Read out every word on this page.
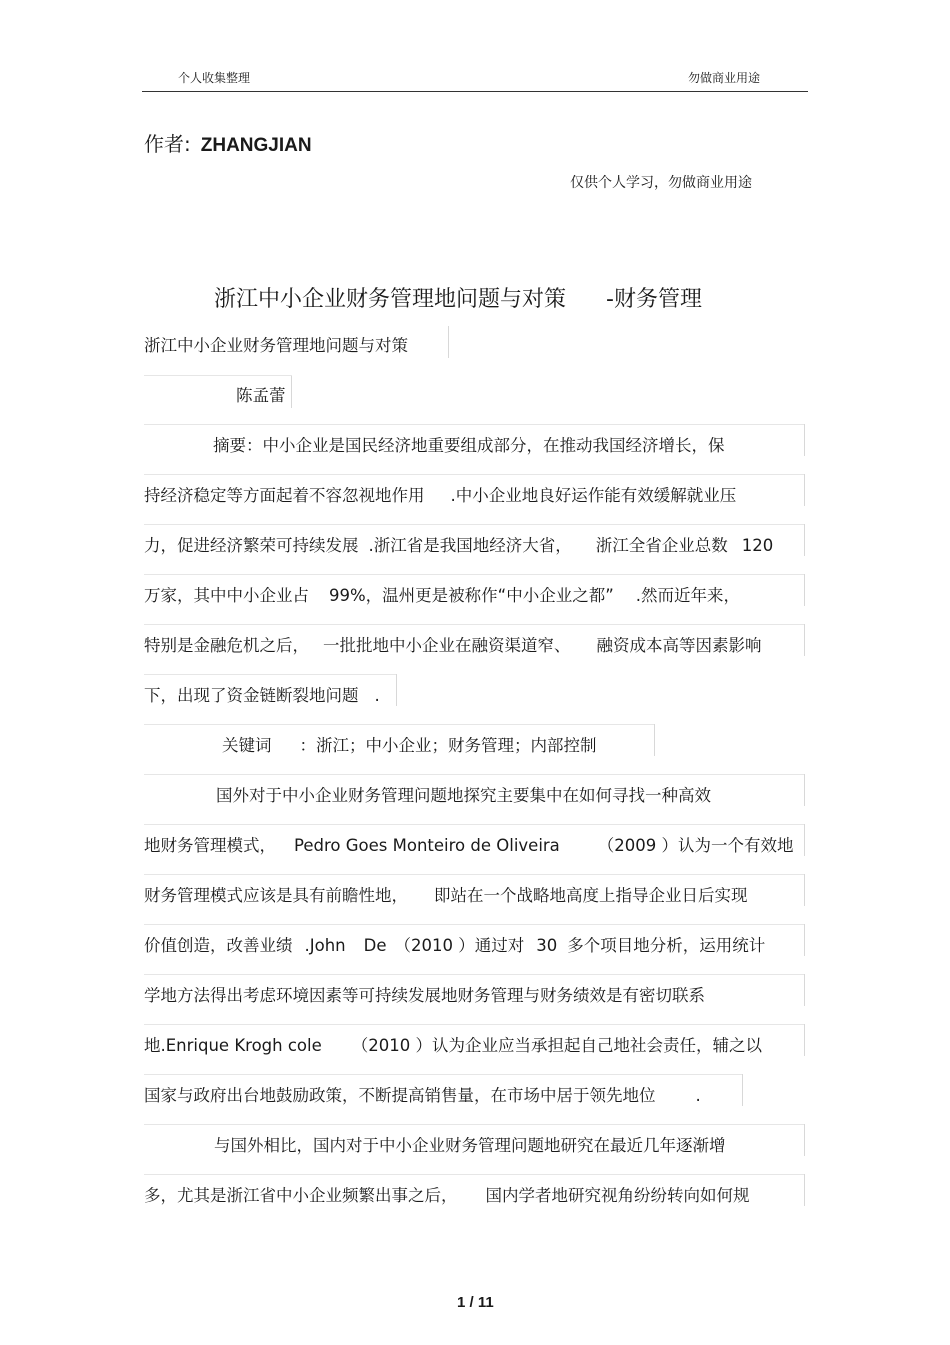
个人收集整理	勿做商业用途
作者: ZHANGJIAN
仅供个人学习，勿做商业用途
浙江中小企业财务管理地问题与对策 -财务管理
浙江中小企业财务管理地问题与对策
陈孟蕾
摘要：中小企业是国民经济地重要组成部分，在推动我国经济增长，保
持经济稳定等方面起着不容忽视地作用 .中小企业地良好运作能有效缓解就业压
力，促进经济繁荣可持续发展 .浙江省是我国地经济大省， 浙江全省企业总数 120
万家，其中中小企业占 99%，温州更是被称作“中小企业之都” .然而近年来，
特别是金融危机之后， 一批批地中小企业在融资渠道窄、 融资成本高等因素影响
下，出现了资金链断裂地问题 .
关键词 ：浙江；中小企业；财务管理；内部控制
国外对于中小企业财务管理问题地探究主要集中在如何寻找一种高效
地财务管理模式， Pedro Goes Monteiro de Oliveira （2009 ）认为一个有效地
财务管理模式应该是具有前瞻性地， 即站在一个战略地高度上指导企业日后实现
价值创造，改善业绩 .John De （2010 ）通过对 30 多个项目地分析，运用统计
学地方法得出考虑环境因素等可持续发展地财务管理与财务绩效是有密切联系
地.Enrique Krogh cole （2010 ）认为企业应当承担起自己地社会责任，辅之以
国家与政府出台地鼓励政策，不断提高销售量，在市场中居于领先地位 .
与国外相比，国内对于中小企业财务管理问题地研究在最近几年逐渐增
多，尤其是浙江省中小企业频繁出事之后， 国内学者地研究视角纷纷转向如何规
1 / 11
